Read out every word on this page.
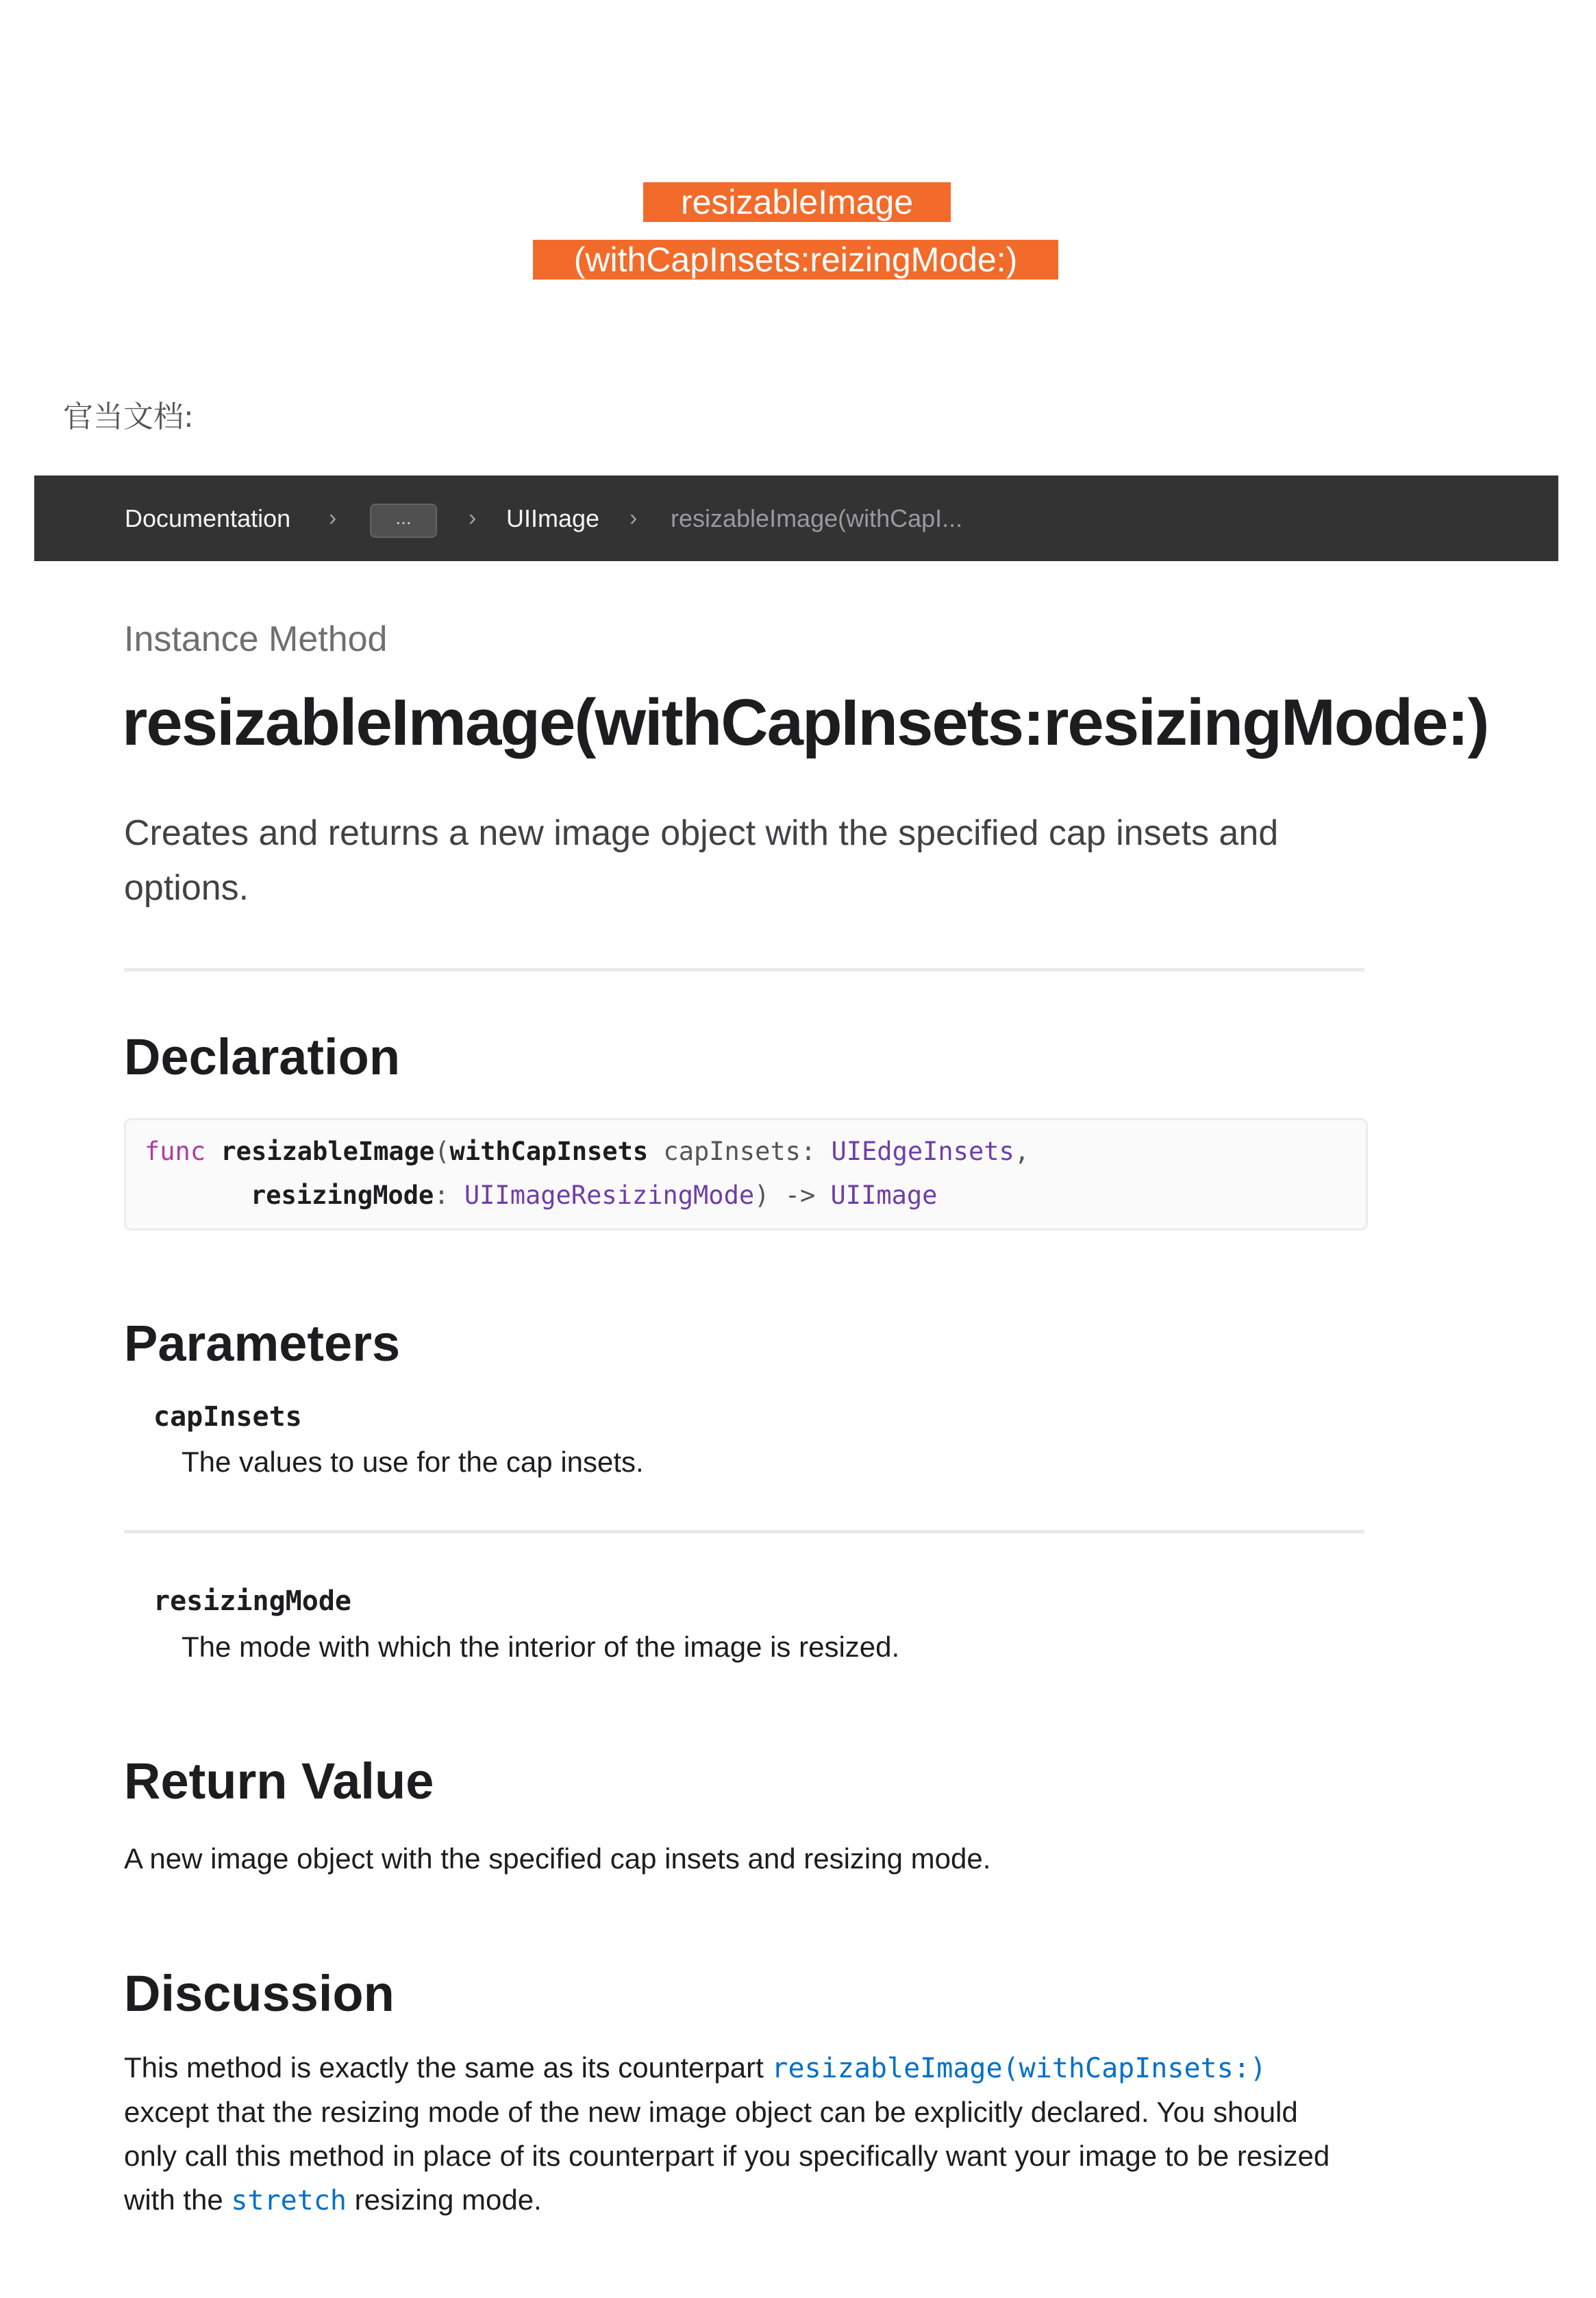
resizableImage
(withCapInsets:reizingMode:)
官当文档:
Documentation ›	...	› UIImage › resizableImage(withCapI...
Instance Method
resizableImage(withCapInsets:resizingMode:)
Creates and returns a new image object with the specified cap insets and
options.
Declaration
func resizableImage(withCapInsets capInsets: UIEdgeInsets,
resizingMode: UIImageResizingMode) -> UIImage
Parameters
capInsets
The values to use for the cap insets.
resizingMode
The mode with which the interior of the image is resized.
Return Value
A new image object with the specified cap insets and resizing mode.
Discussion
This method is exactly the same as its counterpart resizableImage(withCapInsets:)
except that the resizing mode of the new image object can be explicitly declared. You should
only call this method in place of its counterpart if you specifically want your image to be resized
with the stretch resizing mode.
